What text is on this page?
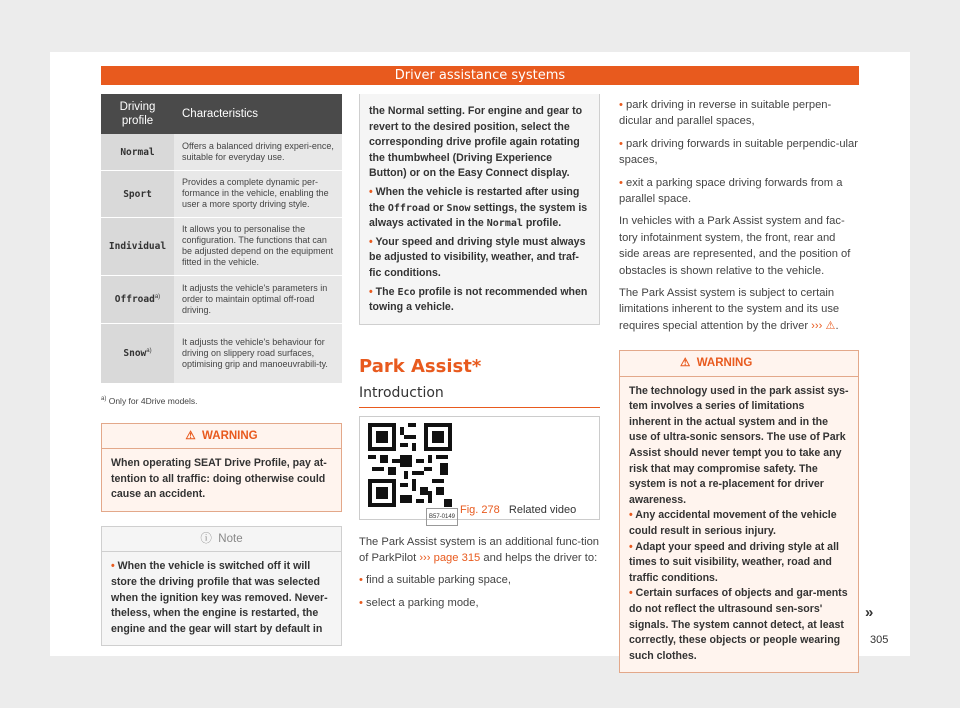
Driver assistance systems
Driving profile	Characteristics
Normal	Offers a balanced driving experi-ence, suitable for everyday use.
Sport	Provides a complete dynamic per-formance in the vehicle, enabling the user a more sporty driving style.
Individual	It allows you to personalise the configuration. The functions that can be adjusted depend on the equipment fitted in the vehicle.
Offroad$^{a)}$	It adjusts the vehicle's parameters in order to maintain optimal off-road driving.
Snow$^{a)}$	It adjusts the vehicle's behaviour for driving on slippery road surfaces, optimising grip and manoeuvrabili-ty.
$^{a)}$ Only for 4Drive models.
⚠ WARNING
When operating SEAT Drive Profile, pay at-tention to all traffic: doing otherwise could cause an accident.
ⓘ Note
• When the vehicle is switched off it will store the driving profile that was selected when the ignition key was removed. Never-theless, when the engine is restarted, the engine and the gear will start by default in

the Normal setting. For engine and gear to revert to the desired position, select the corresponding drive profile again rotating the thumbwheel (Driving Experience Button) or on the Easy Connect display.

• When the vehicle is restarted after using the Offroad or Snow settings, the system is always activated in the Normal profile.

• Your speed and driving style must always be adjusted to visibility, weather, and traf-fic conditions.

• The Eco profile is not recommended when towing a vehicle.

Park Assist*
Introduction
B57-0149
Fig. 278 Related video

The Park Assist system is an additional func-tion of ParkPilot ››› page 315 and helps the driver to:

• find a suitable parking space,

• select a parking mode,

• park driving in reverse in suitable perpen-dicular and parallel spaces,

• park driving forwards in suitable perpendic-ular spaces,

• exit a parking space driving forwards from a parallel space.

In vehicles with a Park Assist system and fac-tory infotainment system, the front, rear and side areas are represented, and the position of obstacles is shown relative to the vehicle.

The Park Assist system is subject to certain limitations inherent to the system and its use requires special attention by the driver ››› ⚠.

⚠ WARNING

The technology used in the park assist sys-tem involves a series of limitations inherent in the actual system and in the use of ultra-sonic sensors. The use of Park Assist should never tempt you to take any risk that may compromise safety. The system is not a re-placement for driver awareness.

• Any accidental movement of the vehicle could result in serious injury.

• Adapt your speed and driving style at all times to suit visibility, weather, road and traffic conditions.

• Certain surfaces of objects and gar-ments do not reflect the ultrasound sen-sors' signals. The system cannot detect, at least correctly, these objects or people wearing such clothes.

»
305
